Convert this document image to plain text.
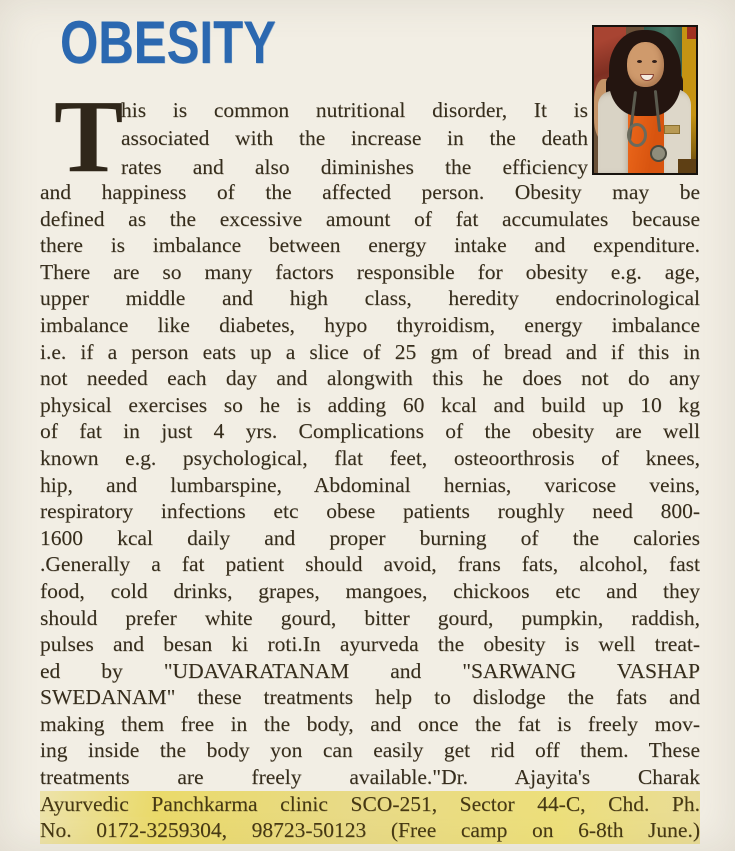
OBESITY
T
his is common nutritional disorder, It is
associated with the increase in the death
rates and also diminishes the efficiency
and happiness of the affected person. Obesity may be
defined as the excessive amount of fat accumulates because
there is imbalance between energy intake and expenditure.
There are so many factors responsible for obesity e.g. age,
upper middle and high class, heredity endocrinological
imbalance like diabetes, hypo thyroidism, energy imbalance
i.e. if a person eats up a slice of 25 gm of bread and if this in
not needed each day and alongwith this he does not do any
physical exercises so he is adding 60 kcal and build up 10 kg
of fat in just 4 yrs. Complications of the obesity are well
known e.g. psychological, flat feet, osteoorthrosis of knees,
hip, and lumbarspine, Abdominal hernias, varicose veins,
respiratory infections etc obese patients roughly need 800-
1600 kcal daily and proper burning of the calories
.Generally a fat patient should avoid, frans fats, alcohol, fast
food, cold drinks, grapes, mangoes, chickoos etc and they
should prefer white gourd, bitter gourd, pumpkin, raddish,
pulses and besan ki roti.In ayurveda the obesity is well treat-
ed by "UDAVARATANAM and "SARWANG VASHAP
SWEDANAM" these treatments help to dislodge the fats and
making them free in the body, and once the fat is freely mov-
ing inside the body yon can easily get rid off them. These
treatments are freely available."Dr. Ajayita's Charak
Ayurvedic Panchkarma clinic SCO-251, Sector 44-C, Chd. Ph.
No. 0172-3259304, 98723-50123 (Free camp on 6-8th June.)
